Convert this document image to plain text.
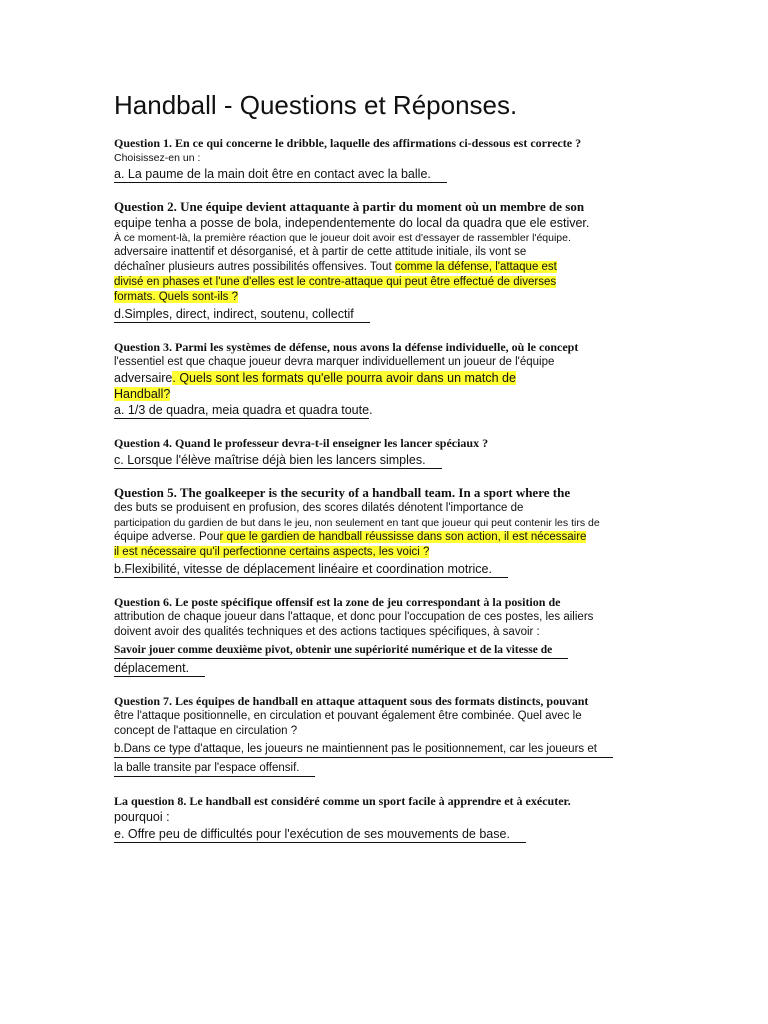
Handball - Questions et Réponses.
Question 1. En ce qui concerne le dribble, laquelle des affirmations ci-dessous est correcte ?
Choisissez-en un :
a. La paume de la main doit être en contact avec la balle.
Question 2. Une équipe devient attaquante à partir du moment où un membre de son
equipe tenha a posse de bola, independentemente do local da quadra que ele estiver.
À ce moment-là, la première réaction que le joueur doit avoir est d'essayer de rassembler l'équipe.
adversaire inattentif et désorganisé, et à partir de cette attitude initiale, ils vont se
déchaîner plusieurs autres possibilités offensives. Tout comme la défense, l'attaque est
divisé en phases et l'une d'elles est le contre-attaque qui peut être effectué de diverses
formats. Quels sont-ils ?
d.Simples, direct, indirect, soutenu, collectif
Question 3. Parmi les systèmes de défense, nous avons la défense individuelle, où le concept
l'essentiel est que chaque joueur devra marquer individuellement un joueur de l'équipe
adversaire. Quels sont les formats qu'elle pourra avoir dans un match de
Handball?
a. 1/3 de quadra, meia quadra et quadra toute.
Question 4. Quand le professeur devra-t-il enseigner les lancer spéciaux ?
c. Lorsque l'élève maîtrise déjà bien les lancers simples.
Question 5. The goalkeeper is the security of a handball team. In a sport where the
des buts se produisent en profusion, des scores dilatés dénotent l'importance de
participation du gardien de but dans le jeu, non seulement en tant que joueur qui peut contenir les tirs de
équipe adverse. Pour que le gardien de handball réussisse dans son action, il est nécessaire
il est nécessaire qu'il perfectionne certains aspects, les voici ?
b.Flexibilité, vitesse de déplacement linéaire et coordination motrice.
Question 6. Le poste spécifique offensif est la zone de jeu correspondant à la position de
attribution de chaque joueur dans l'attaque, et donc pour l'occupation de ces postes, les ailiers
doivent avoir des qualités techniques et des actions tactiques spécifiques, à savoir :
Savoir jouer comme deuxième pivot, obtenir une supériorité numérique et de la vitesse de
déplacement.
Question 7. Les équipes de handball en attaque attaquent sous des formats distincts, pouvant
être l'attaque positionnelle, en circulation et pouvant également être combinée. Quel avec le
concept de l'attaque en circulation ?
b.Dans ce type d'attaque, les joueurs ne maintiennent pas le positionnement, car les joueurs et
la balle transite par l'espace offensif.
La question 8. Le handball est considéré comme un sport facile à apprendre et à exécuter.
pourquoi :
e. Offre peu de difficultés pour l'exécution de ses mouvements de base.
